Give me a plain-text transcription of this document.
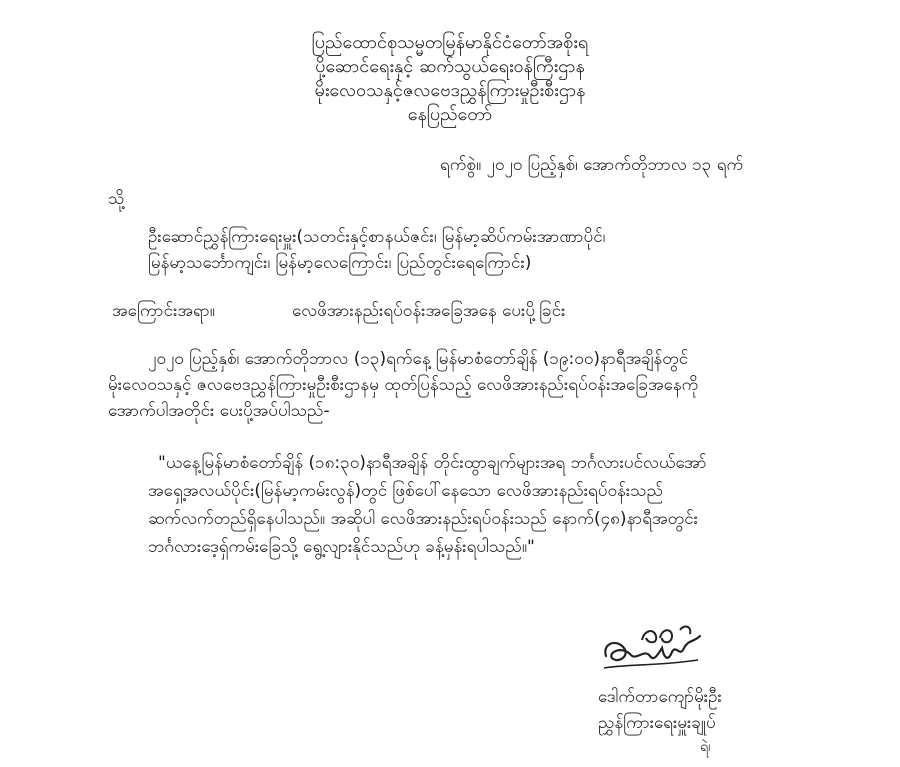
ပြည်ထောင်စုသမ္မတမြန်မာနိုင်ငံတော်အစိုးရ
ပို့ဆောင်ရေးနှင့် ဆက်သွယ်ရေးဝန်ကြီးဌာန
မိုးလေဝသနှင့်ဇလဗေဒညွှန်ကြားမှုဦးစီးဌာန
နေပြည်တော်
ရက်စွဲ။ ၂၀၂၀ ပြည့်နှစ်၊ အောက်တိုဘာလ ၁၃ ရက်
သို့
ဦးဆောင်ညွှန်ကြားရေးမှူး(သတင်းနှင့်စာနယ်ဇင်း၊ မြန်မာ့ဆိပ်ကမ်းအာဏာပိုင်၊
မြန်မာ့သင်္ဘောကျင်း၊ မြန်မာ့လေကြောင်း၊ ပြည်တွင်းရေကြောင်း)
အကြောင်းအရာ။	လေဖိအားနည်းရပ်ဝန်းအခြေအနေ ပေးပို့ခြင်း
၂၀၂၀ ပြည့်နှစ်၊ အောက်တိုဘာလ (၁၃)ရက်နေ့ မြန်မာစံတော်ချိန် (၁၉:၀၀)နာရီအချိန်တွင်
မိုးလေဝသနှင့် ဇလဗေဒညွှန်ကြားမှုဦးစီးဌာနမှ ထုတ်ပြန်သည့် လေဖိအားနည်းရပ်ဝန်းအခြေအနေကို
အောက်ပါအတိုင်း ပေးပို့အပ်ပါသည်-
"ယနေ့မြန်မာစံတော်ချိန် (၁၈:၃၀)နာရီအချိန် တိုင်းထွာချက်များအရ ဘင်္ဂလားပင်လယ်အော်
အရှေ့အလယ်ပိုင်း(မြန်မာ့ကမ်းလွန်)တွင် ဖြစ်ပေါ်နေသော လေဖိအားနည်းရပ်ဝန်းသည်
ဆက်လက်တည်ရှိနေပါသည်။ အဆိုပါ လေဖိအားနည်းရပ်ဝန်းသည် နောက်(၄၈)နာရီအတွင်း
ဘင်္ဂလားဒေ့ရှ်ကမ်းခြေသို့ ရွေ့လျားနိုင်သည်ဟု ခန့်မှန်းရပါသည်။"
ဒေါက်တာကျော်မိုးဦး
ညွှန်ကြားရေးမှူးချုပ်
ရဲ၊
